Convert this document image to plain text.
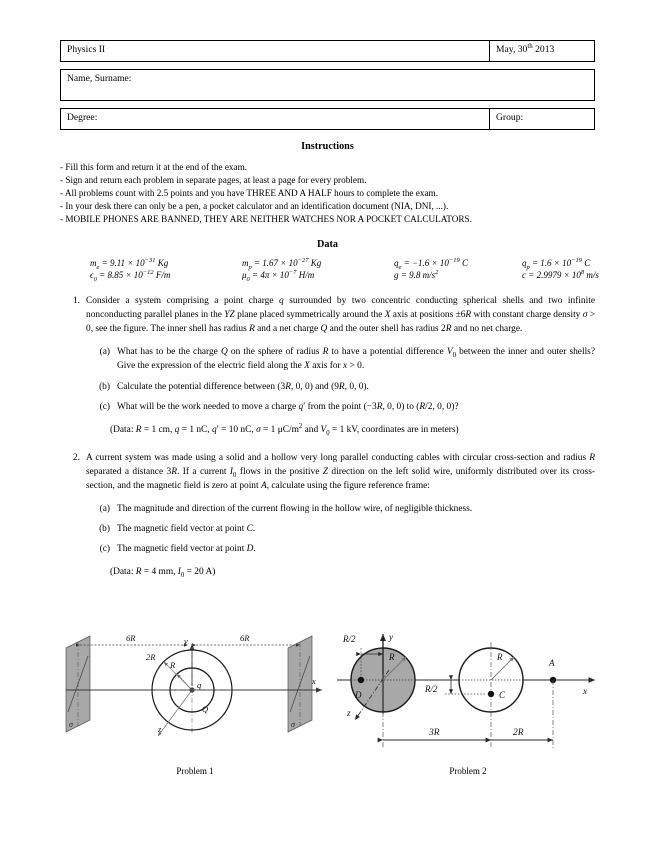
Physics II	May, 30th 2013
Name, Surname:
Degree:	Group:
Instructions
- Fill this form and return it at the end of the exam.
- Sign and return each problem in separate pages, at least a page for every problem.
- All problems count with 2.5 points and you have THREE AND A HALF hours to complete the exam.
- In your desk there can only be a pen, a pocket calculator and an identification document (NIA, DNI, ...).
- MOBILE PHONES ARE BANNED, THEY ARE NEITHER WATCHES NOR A POCKET CALCULATORS.
Data
$m_e = 9.11 \times 10^{-31}$ Kg	$m_p = 1.67 \times 10^{-27}$ Kg	$q_e = -1.6 \times 10^{-19}$ C	$q_p = 1.6 \times 10^{-19}$ C
$\epsilon_0 = 8.85 \times 10^{-12}$ F/m	$\mu_0 = 4\pi \times 10^{-7}$ H/m	g = 9.8 $m/s^2$	$c = 2.9979 \times 10^8$ m/s
1. Consider a system comprising a point charge q surrounded by two concentric conducting spherical shells and two infinite nonconducting parallel planes in the YZ plane placed symmetrically around the X axis at positions ±6R with constant charge density σ > 0, see the figure. The inner shell has radius R and a net charge Q and the outer shell has radius 2R and no net charge.
(a) What has to be the charge Q on the sphere of radius R to have a potential difference $V_0$ between the inner and outer shells? Give the expression of the electric field along the X axis for x > 0.
(b) Calculate the potential difference between (3R, 0, 0) and (9R, 0, 0).
(c) What will be the work needed to move a charge q′ from the point (−3R, 0, 0) to (R/2, 0, 0)?
(Data: R = 1 cm, q = 1 nC, q′ = 10 nC, σ = 1 $\mu C/m^2$ and $V_0 = 1$ kV, coordinates are in meters)
2. A current system was made using a solid and a hollow very long parallel conducting cables with circular cross-section and radius R separated a distance 3R. If a current $I_0$ flows in the positive Z direction on the left solid wire, uniformly distributed over its cross-section, and the magnetic field is zero at point A, calculate using the figure reference frame:
(a) The magnitude and direction of the current flowing in the hollow wire, of negligible thickness.
(b) The magnetic field vector at point C.
(c) The magnetic field vector at point D.
(Data: R = 4 mm, $I_0 = 20$ A)
σ	σ
6R	6R
x
y
2R
R
z
q
Q
Problem 1
x
y
R/2
D
R
z
R/2
C
R
A
3R	2R
Problem 2
